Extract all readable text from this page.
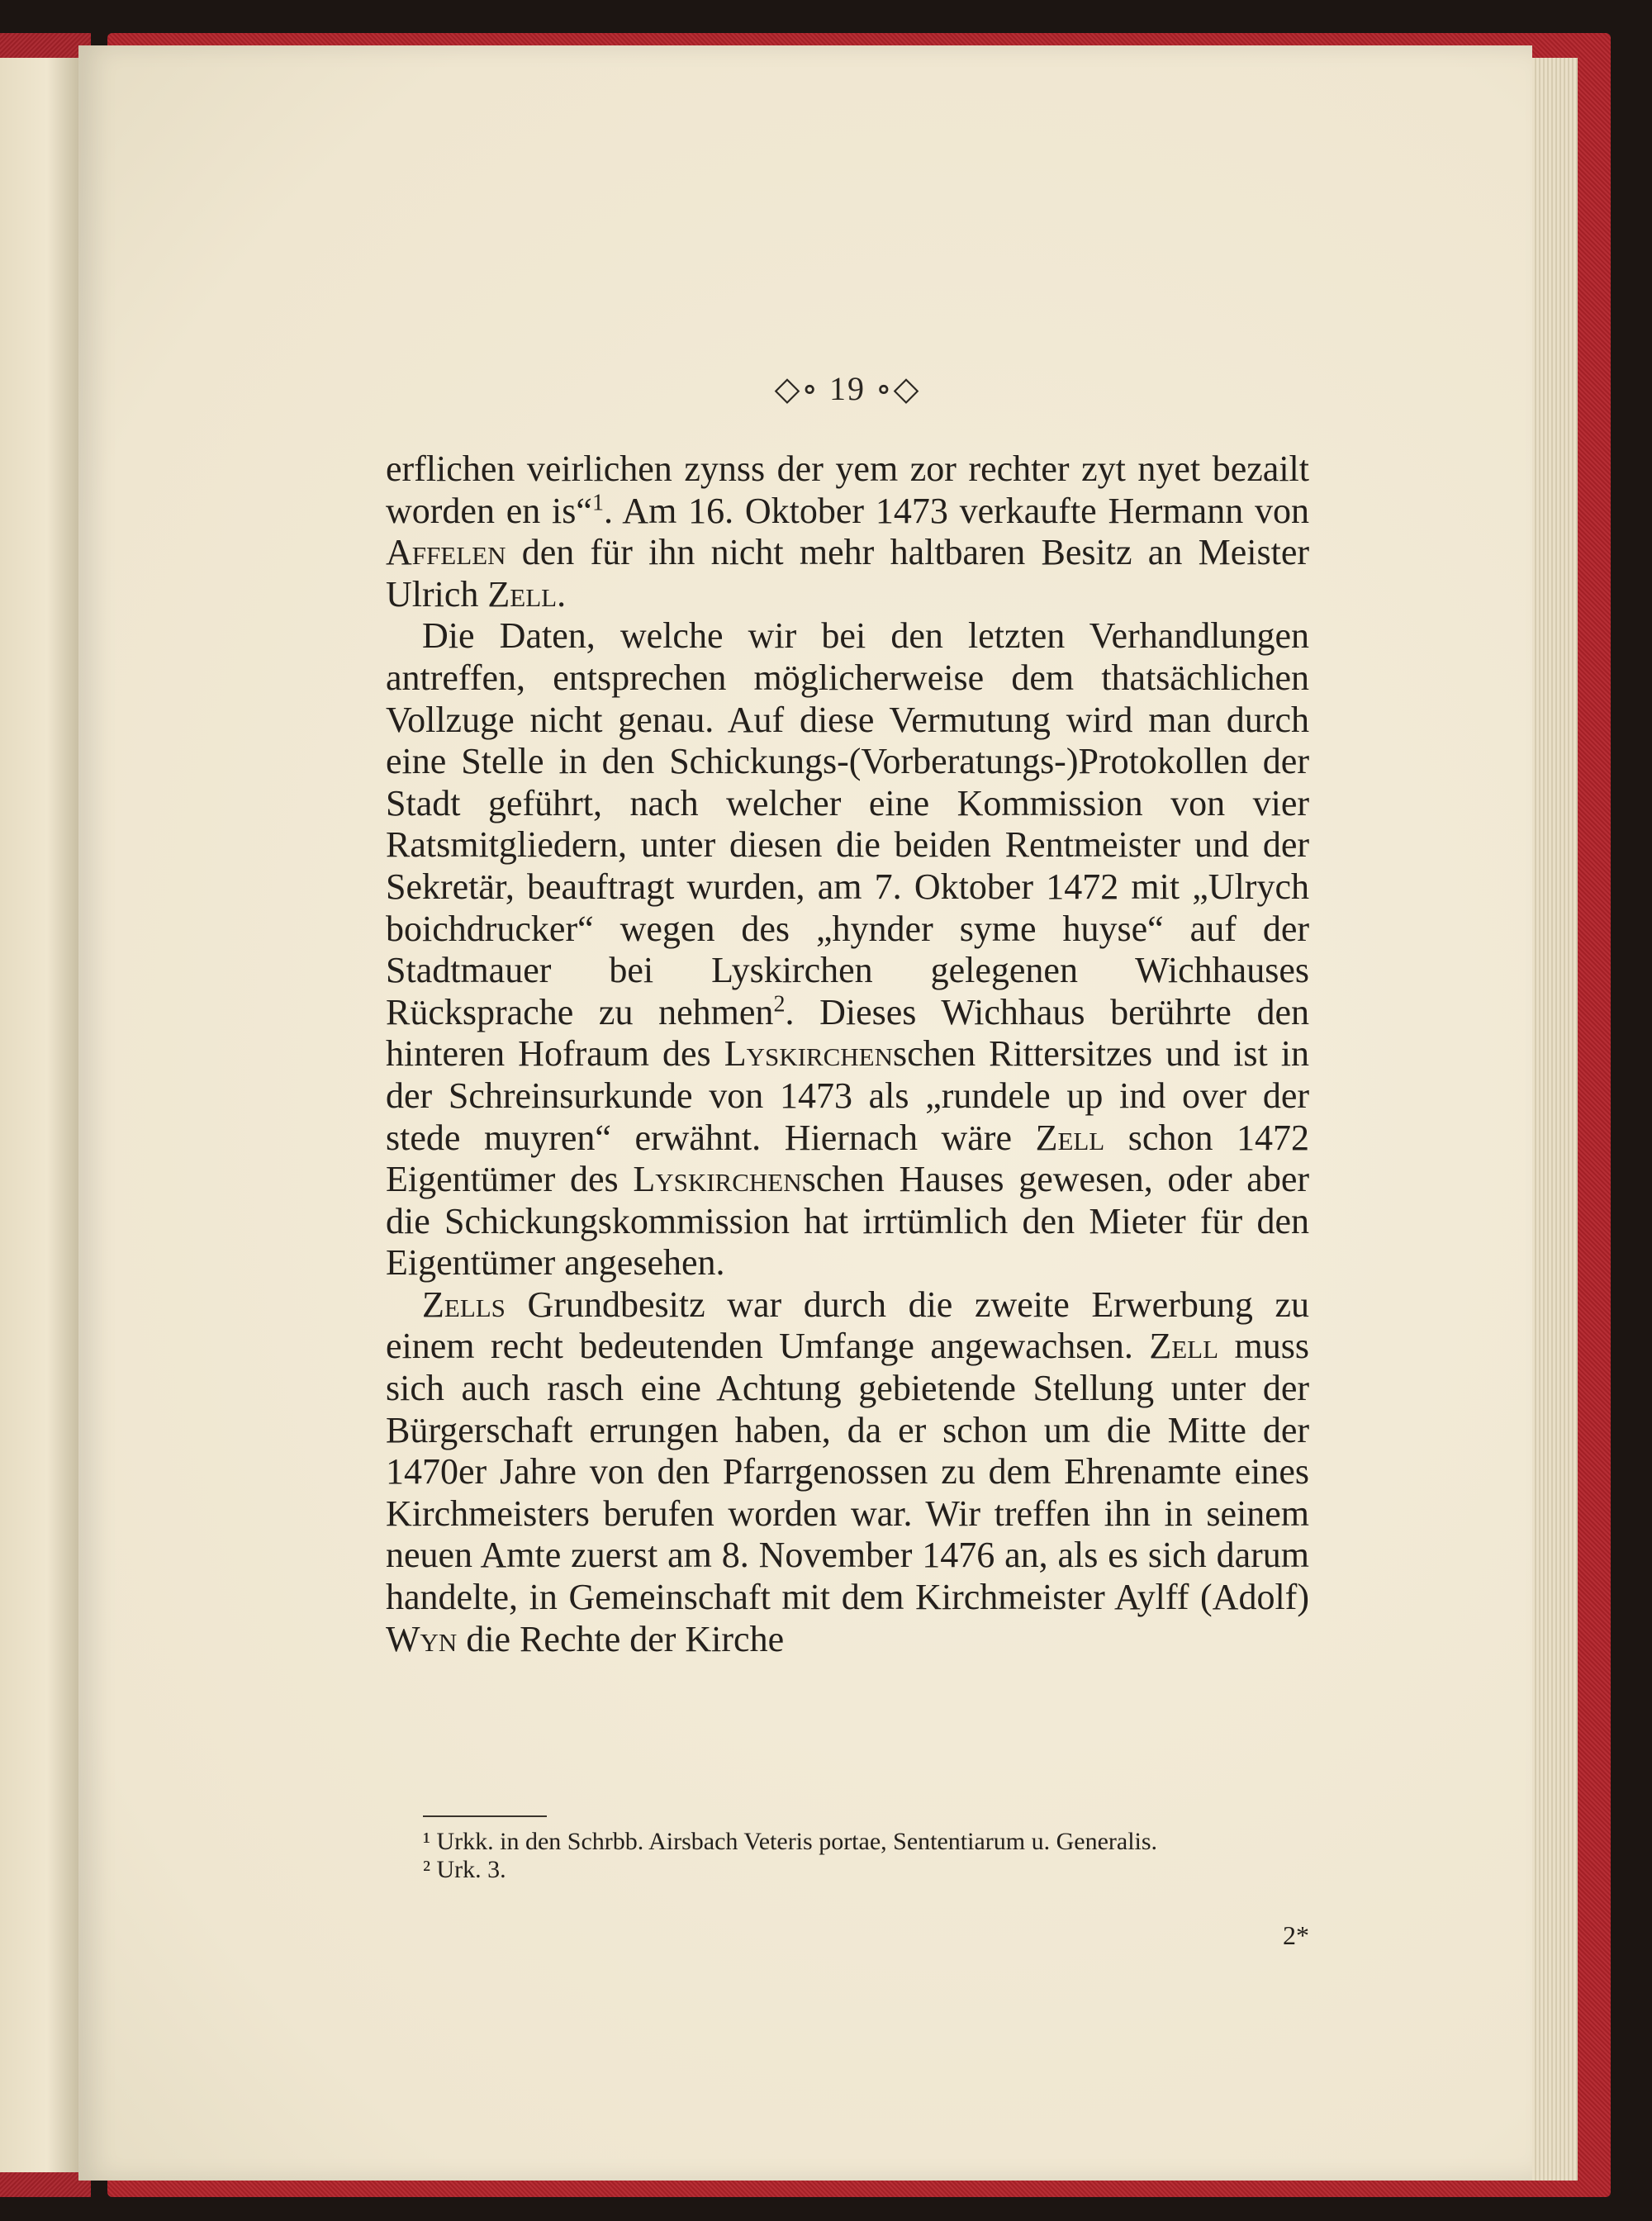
◇∘ 19 ∘◇

erflichen veirlichen zynss der yem zor rechter zyt nyet bezailt worden en is“$^1$. Am 16. Oktober 1473 verkaufte Hermann von Affelen den für ihn nicht mehr haltbaren Besitz an Meister Ulrich Zell.

Die Daten, welche wir bei den letzten Verhandlungen antreffen, entsprechen möglicherweise dem thatsächlichen Vollzuge nicht genau. Auf diese Vermutung wird man durch eine Stelle in den Schickungs-(Vorberatungs-)Protokollen der Stadt geführt, nach welcher eine Kommission von vier Ratsmitgliedern, unter diesen die beiden Rentmeister und der Sekretär, beauftragt wurden, am 7. Oktober 1472 mit „Ulrych boichdrucker“ wegen des „hynder syme huyse“ auf der Stadtmauer bei Lyskirchen gelegenen Wichhauses Rücksprache zu nehmen$^2$. Dieses Wichhaus berührte den hinteren Hofraum des Lyskirchenschen Rittersitzes und ist in der Schreinsurkunde von 1473 als „rundele up ind over der stede muyren“ erwähnt. Hiernach wäre Zell schon 1472 Eigentümer des Lyskirchenschen Hauses gewesen, oder aber die Schickungskommission hat irrtümlich den Mieter für den Eigentümer angesehen.

Zells Grundbesitz war durch die zweite Erwerbung zu einem recht bedeutenden Umfange angewachsen. Zell muss sich auch rasch eine Achtung gebietende Stellung unter der Bürgerschaft errungen haben, da er schon um die Mitte der 1470er Jahre von den Pfarrgenossen zu dem Ehrenamte eines Kirchmeisters berufen worden war. Wir treffen ihn in seinem neuen Amte zuerst am 8. November 1476 an, als es sich darum handelte, in Gemeinschaft mit dem Kirchmeister Aylff (Adolf) Wyn die Rechte der Kirche

¹ Urkk. in den Schrbb. Airsbach Veteris portae, Sententiarum u. Generalis.

² Urk. 3.

2*
